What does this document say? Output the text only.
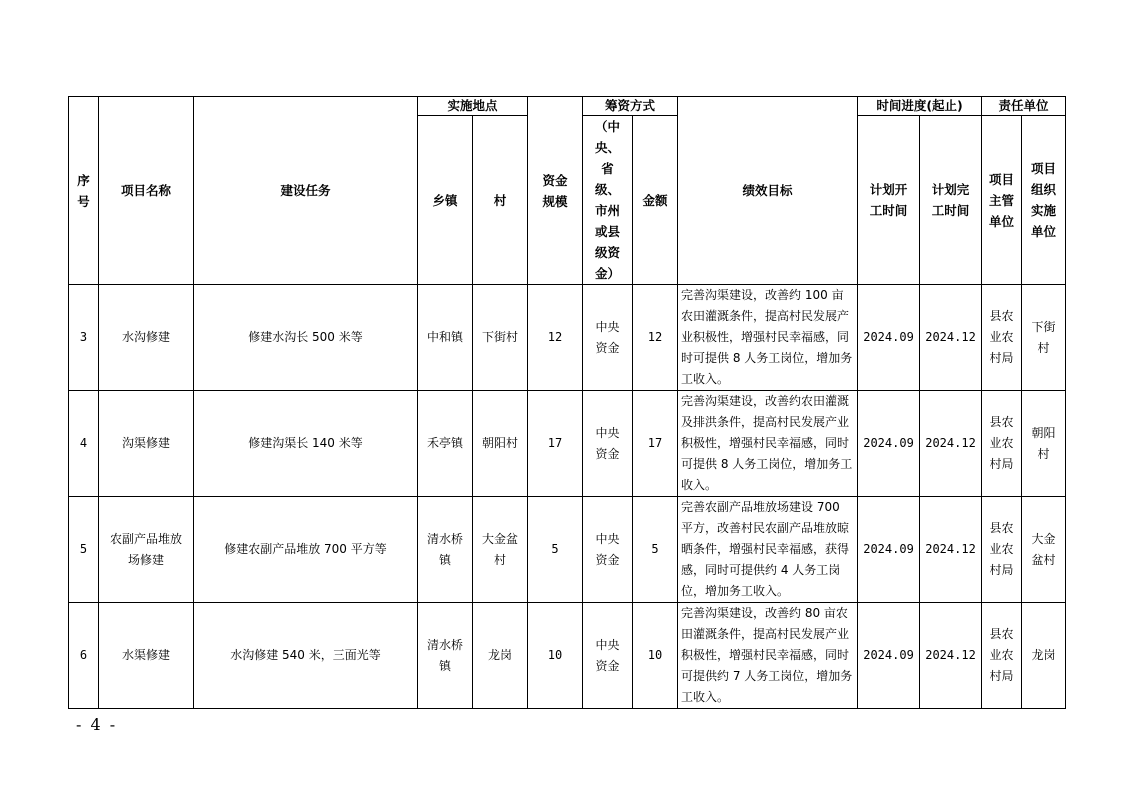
序号	项目名称	建设任务	实施地点		资金规模	筹资方式		绩效目标	时间进度(起止)		责任单位	
			乡镇	村		（中央、省级、市州或县级资金）	金额		计划开工时间	计划完工时间	项目主管单位	项目组织实施单位
3	水沟修建	修建水沟长 500 米等	中和镇	下街村	12	中央资金	12	完善沟渠建设，改善约 100 亩农田灌溉条件，提高村民发展产业积极性，增强村民幸福感，同时可提供 8 人务工岗位，增加务工收入。	2024.09	2024.12	县农业农村局	下街村
4	沟渠修建	修建沟渠长 140 米等	禾亭镇	朝阳村	17	中央资金	17	完善沟渠建设，改善约农田灌溉及排洪条件，提高村民发展产业积极性，增强村民幸福感，同时可提供 8 人务工岗位，增加务工收入。	2024.09	2024.12	县农业农村局	朝阳村
5	农副产品堆放场修建	修建农副产品堆放 700 平方等	清水桥镇	大金盆村	5	中央资金	5	完善农副产品堆放场建设 700 平方，改善村民农副产品堆放晾晒条件，增强村民幸福感，获得感，同时可提供约 4 人务工岗位，增加务工收入。	2024.09	2024.12	县农业农村局	大金盆村
6	水渠修建	水沟修建 540 米，三面光等	清水桥镇	龙岗	10	中央资金	10	完善沟渠建设，改善约 80 亩农田灌溉条件，提高村民发展产业积极性，增强村民幸福感，同时可提供约 7 人务工岗位，增加务工收入。	2024.09	2024.12	县农业农村局	龙岗
- 4 -
